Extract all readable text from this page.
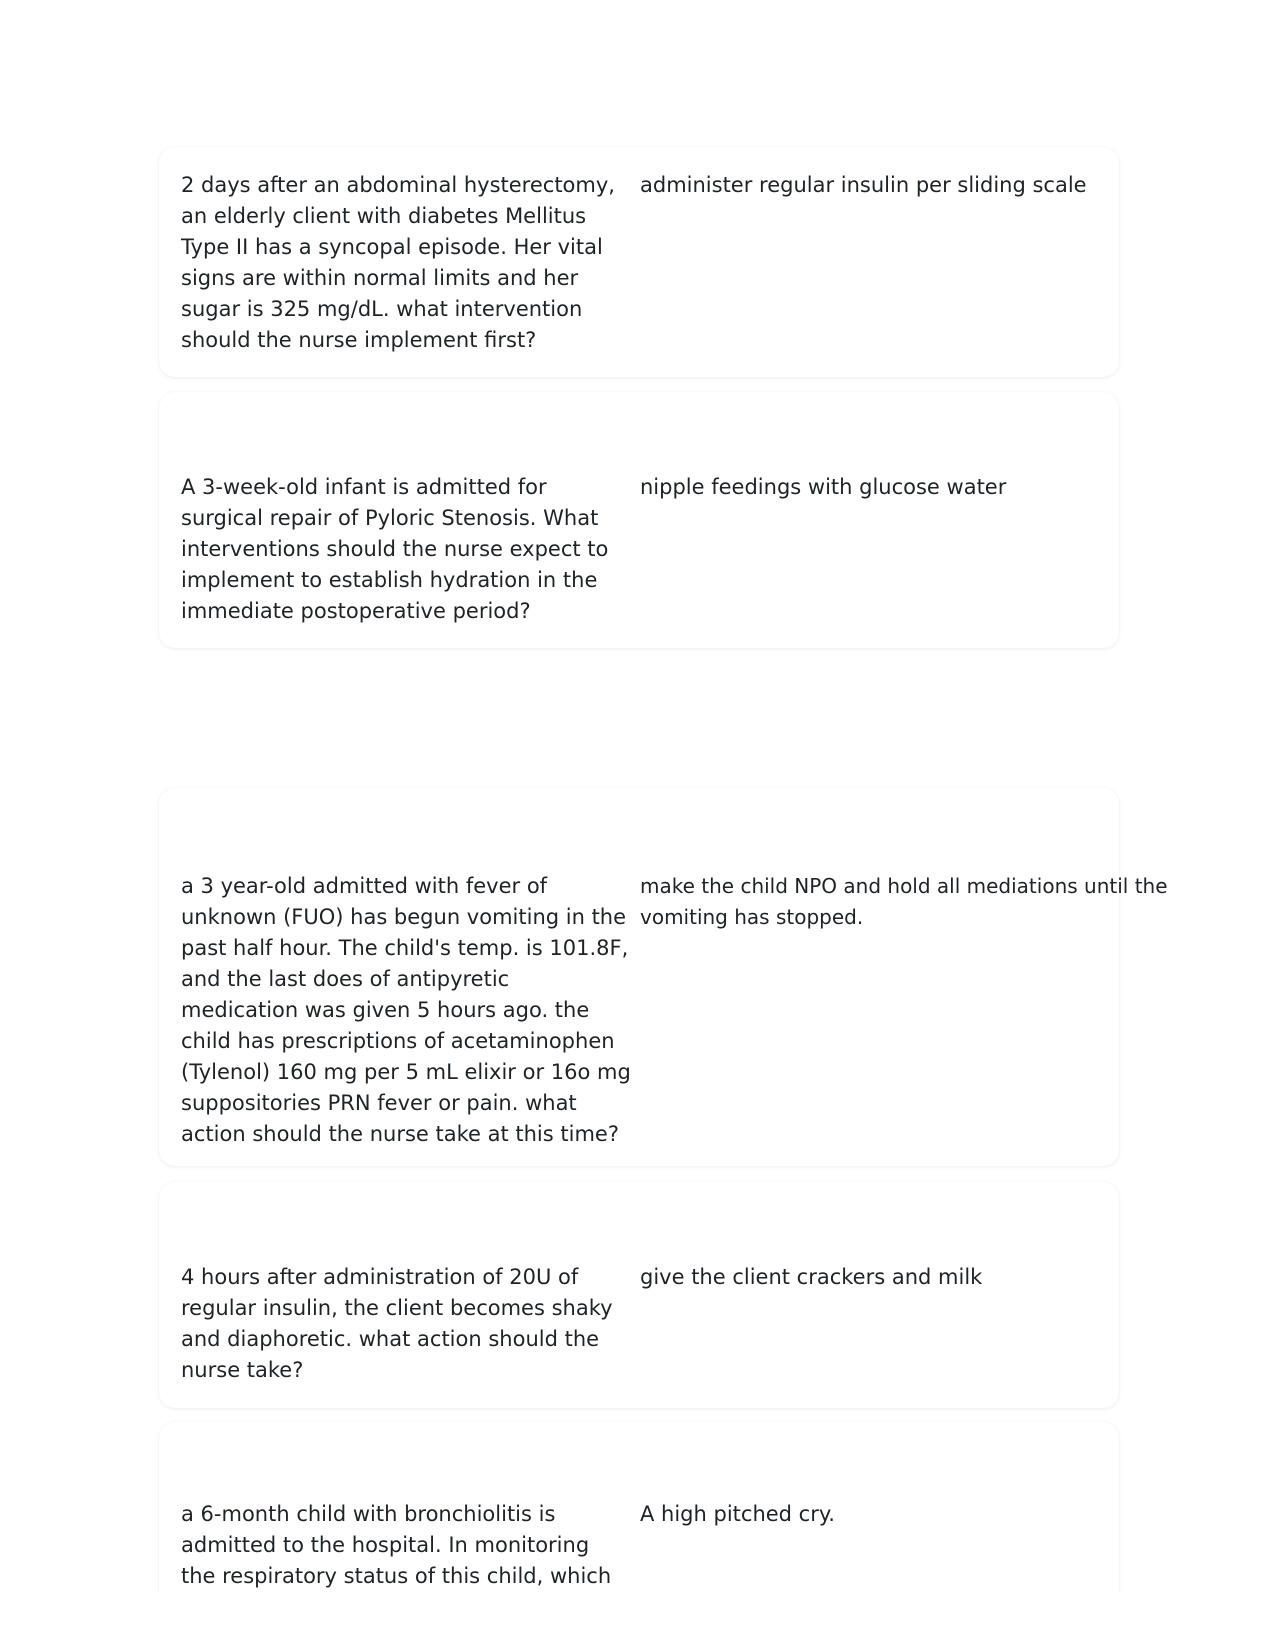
2 days after an abdominal hysterectomy,
an elderly client with diabetes Mellitus
Type II has a syncopal episode. Her vital
signs are within normal limits and her
sugar is 325 mg/dL. what intervention
should the nurse implement first?
administer regular insulin per sliding scale
A 3-week-old infant is admitted for
surgical repair of Pyloric Stenosis. What
interventions should the nurse expect to
implement to establish hydration in the
immediate postoperative period?
nipple feedings with glucose water
a 3 year-old admitted with fever of
unknown (FUO) has begun vomiting in the
past half hour. The child's temp. is 101.8F,
and the last does of antipyretic
medication was given 5 hours ago. the
child has prescriptions of acetaminophen
(Tylenol) 160 mg per 5 mL elixir or 16o mg
suppositories PRN fever or pain. what
action should the nurse take at this time?
make the child NPO and hold all mediations until the
vomiting has stopped.
4 hours after administration of 20U of
regular insulin, the client becomes shaky
and diaphoretic. what action should the
nurse take?
give the client crackers and milk
a 6-month child with bronchiolitis is
admitted to the hospital. In monitoring
the respiratory status of this child, which
A high pitched cry.
